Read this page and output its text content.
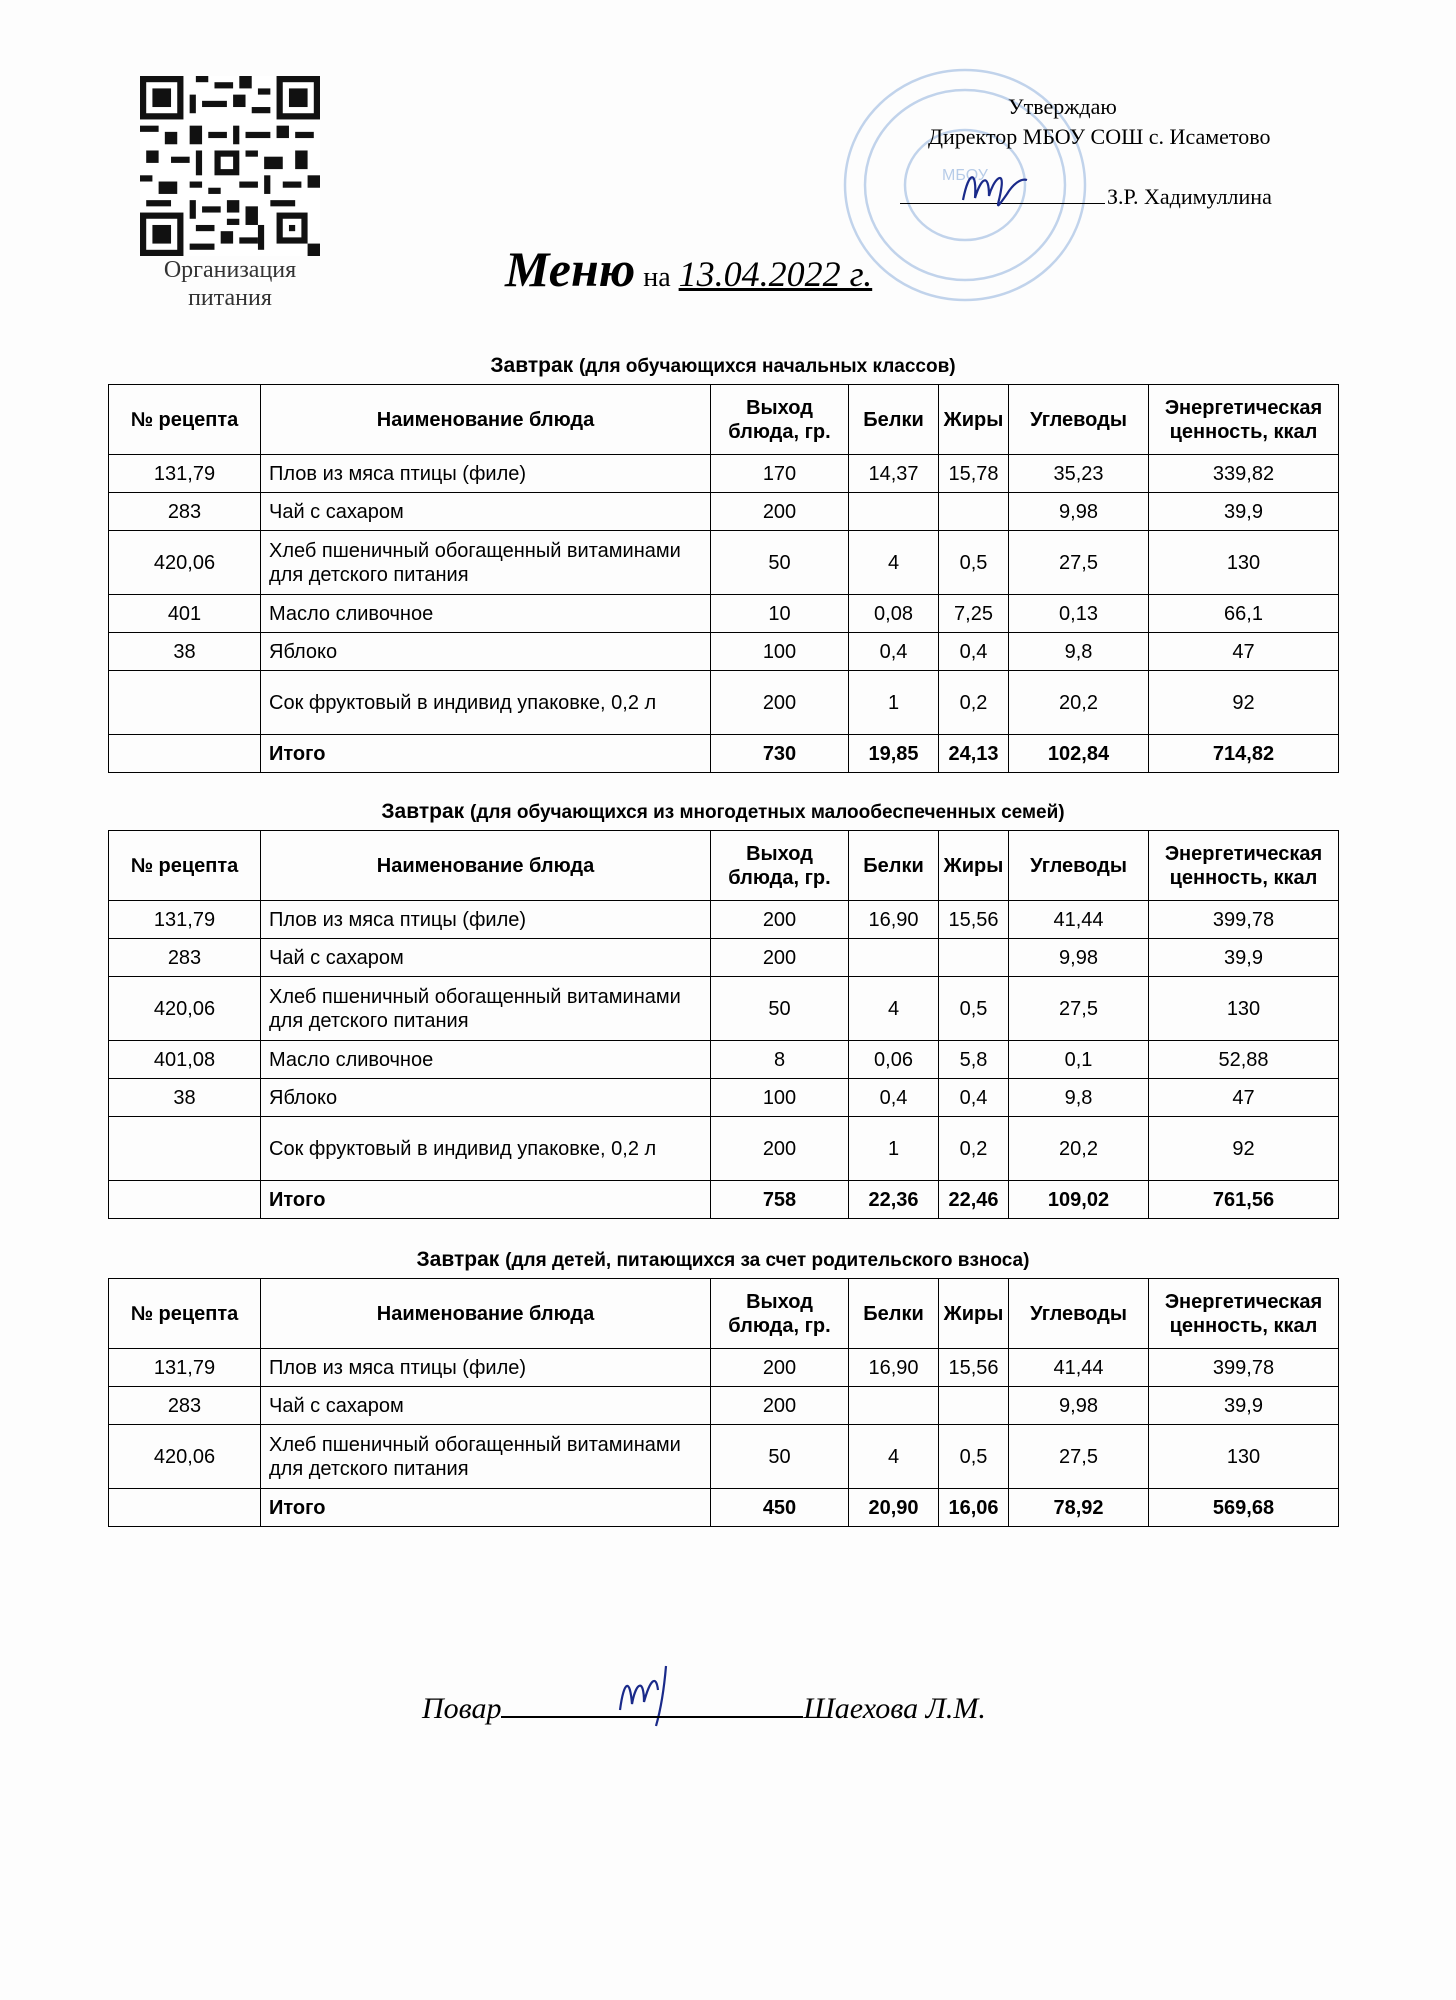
Организация
питания
МБОУ
Утверждаю
Директор МБОУ СОШ с. Исаметово
З.Р. Хадимуллина
Меню на 13.04.2022 г.
Завтрак (для обучающихся начальных классов)
№ рецепта	Наименование блюда	Выход блюда, гр.	Белки	Жиры	Углеводы	Энергетическая ценность, ккал
131,79	Плов из мяса птицы (филе)	170	14,37	15,78	35,23	339,82
283	Чай с сахаром	200			9,98	39,9
420,06	Хлеб пшеничный обогащенный витаминами для детского питания	50	4	0,5	27,5	130
401	Масло сливочное	10	0,08	7,25	0,13	66,1
38	Яблоко	100	0,4	0,4	9,8	47
	Сок фруктовый в индивид упаковке, 0,2 л	200	1	0,2	20,2	92
	Итого	730	19,85	24,13	102,84	714,82
Завтрак (для обучающихся из многодетных малообеспеченных семей)
№ рецепта	Наименование блюда	Выход блюда, гр.	Белки	Жиры	Углеводы	Энергетическая ценность, ккал
131,79	Плов из мяса птицы (филе)	200	16,90	15,56	41,44	399,78
283	Чай с сахаром	200			9,98	39,9
420,06	Хлеб пшеничный обогащенный витаминами для детского питания	50	4	0,5	27,5	130
401,08	Масло сливочное	8	0,06	5,8	0,1	52,88
38	Яблоко	100	0,4	0,4	9,8	47
	Сок фруктовый в индивид упаковке, 0,2 л	200	1	0,2	20,2	92
	Итого	758	22,36	22,46	109,02	761,56
Завтрак (для детей, питающихся за счет родительского взноса)
№ рецепта	Наименование блюда	Выход блюда, гр.	Белки	Жиры	Углеводы	Энергетическая ценность, ккал
131,79	Плов из мяса птицы (филе)	200	16,90	15,56	41,44	399,78
283	Чай с сахаром	200			9,98	39,9
420,06	Хлеб пшеничный обогащенный витаминами для детского питания	50	4	0,5	27,5	130
	Итого	450	20,90	16,06	78,92	569,68
Повар	Шаехова Л.М.
